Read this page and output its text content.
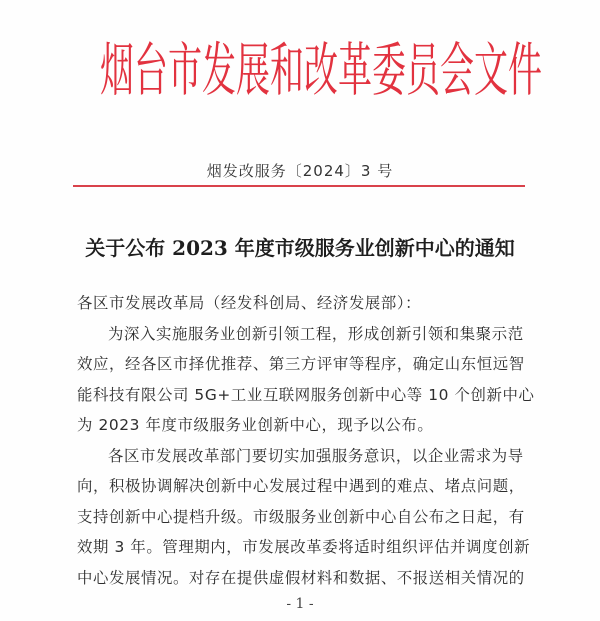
烟 台 市 发 展 和 改 革 委 员 会 文 件
烟发改服务〔2024〕3 号
关于公布 2023 年度市级服务业创新中心的通知
各区市发展改革局（经发科创局、经济发展部）：
为深入实施服务业创新引领工程，形成创新引领和集聚示范
效应，经各区市择优推荐、第三方评审等程序，确定山东恒远智
能科技有限公司 5G+工业互联网服务创新中心等 10 个创新中心
为 2023 年度市级服务业创新中心，现予以公布。
各区市发展改革部门要切实加强服务意识，以企业需求为导
向，积极协调解决创新中心发展过程中遇到的难点、堵点问题，
支持创新中心提档升级。市级服务业创新中心自公布之日起，有
效期 3 年。管理期内，市发展改革委将适时组织评估并调度创新
中心发展情况。对存在提供虚假材料和数据、不报送相关情况的
- 1 -
